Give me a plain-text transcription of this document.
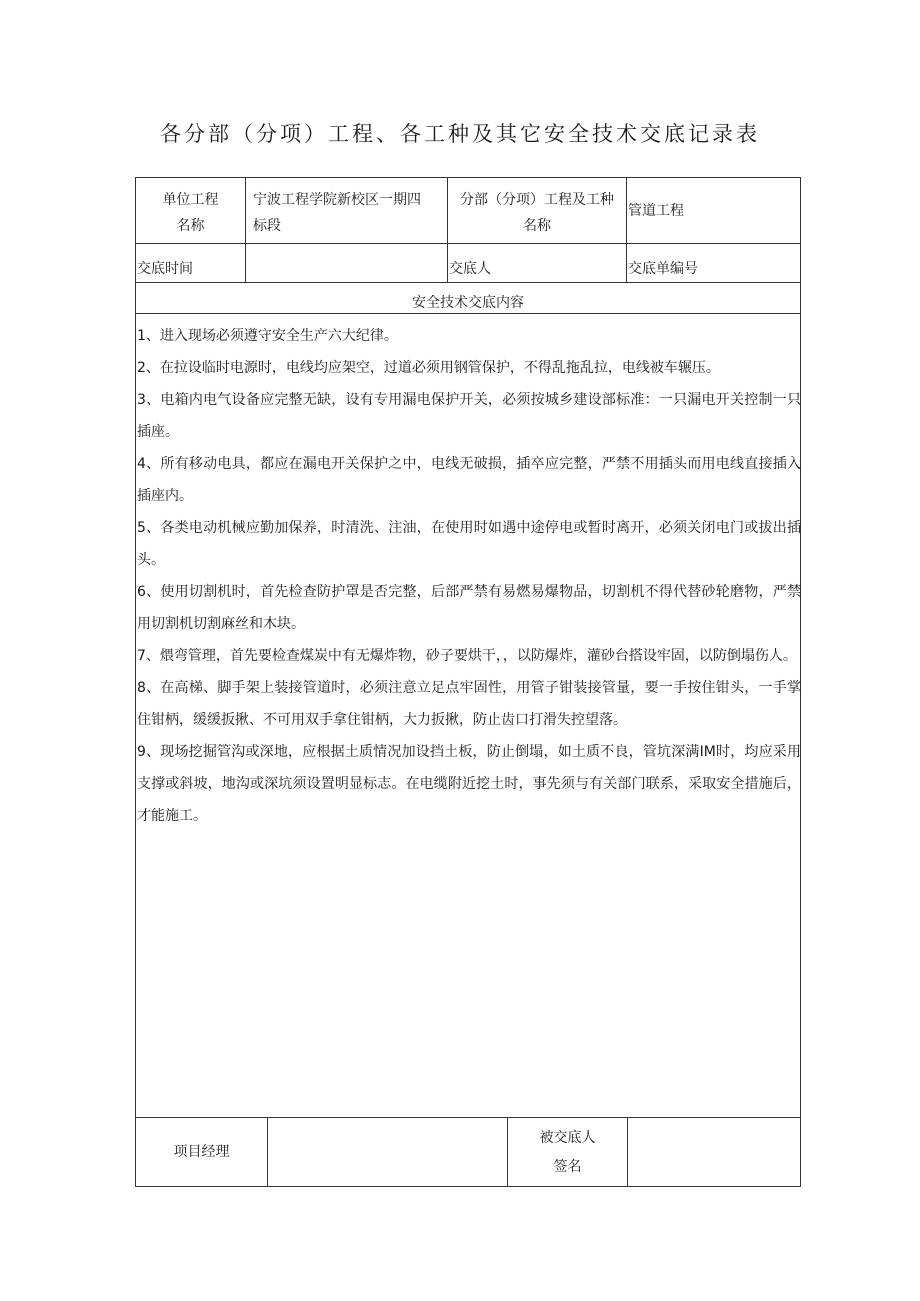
各分部（分项）工程、各工种及其它安全技术交底记录表
单位工程
名称
宁波工程学院新校区一期四
标段
分部（分项）工程及工种
名称
管道工程
交底时间	交底人	交底单编号
安全技术交底内容

1、进入现场必须遵守安全生产六大纪律。

2、在拉设临时电源时，电线均应架空，过道必须用钢管保护，不得乱拖乱拉，电线被车辗压。

3、电箱内电气设备应完整无缺，设有专用漏电保护开关，必须按城乡建设部标准：一只漏电开关控制一只插座。

4、所有移动电具，都应在漏电开关保护之中，电线无破损，插卒应完整，严禁不用插头而用电线直接插入插座内。

5、各类电动机械应勤加保养，时清洗、注油，在使用时如遇中途停电或暂时离开，必须关闭电门或拔出插头。

6、使用切割机时，首先检查防护罩是否完整，后部严禁有易燃易爆物品，切割机不得代替砂轮磨物，严禁用切割机切割麻丝和木块。

7、煨弯管理，首先要检查煤炭中有无爆炸物，砂子要烘干，，以防爆炸，灌砂台搭设牢固，以防倒塌伤人。

8、在高梯、脚手架上装接管道时，必须注意立足点牢固性，用管子钳装接管量，要一手按住钳头，一手掌住钳柄，缓缓扳揪、不可用双手拿住钳柄，大力扳揪，防止齿口打滑失控望落。

9、现场挖掘管沟或深地，应根据土质情况加设挡土板，防止倒塌，如土质不良，管坑深满IM时，均应采用支撑或斜坡，地沟或深坑须设置明显标志。在电缆附近挖土时，事先须与有关部门联系，采取安全措施后，才能施工。

项目经理
被交底人
签名
